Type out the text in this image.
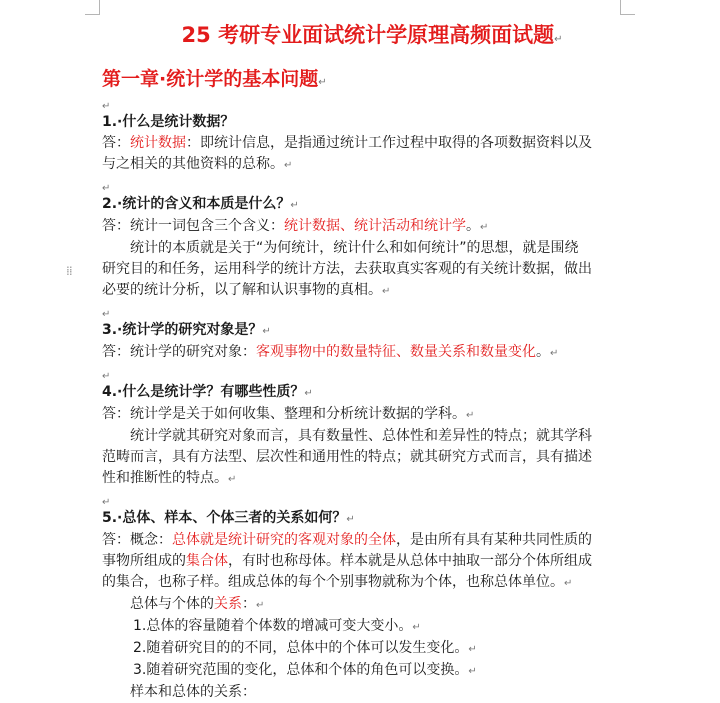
⁞⁞
25 考研专业面试统计学原理高频面试题↵
第一章·统计学的基本问题↵
↵
1.·什么是统计数据？
答：统计数据：即统计信息，是指通过统计工作过程中取得的各项数据资料以及
与之相关的其他资料的总称。↵
↵
2.·统计的含义和本质是什么？↵
答：统计一词包含三个含义：统计数据、统计活动和统计学。↵
统计的本质就是关于“为何统计，统计什么和如何统计”的思想，就是围绕
研究目的和任务，运用科学的统计方法，去获取真实客观的有关统计数据，做出
必要的统计分析，以了解和认识事物的真相。↵
↵
3.·统计学的研究对象是？↵
答：统计学的研究对象：客观事物中的数量特征、数量关系和数量变化。↵
↵
4.·什么是统计学？有哪些性质？↵
答：统计学是关于如何收集、整理和分析统计数据的学科。↵
统计学就其研究对象而言，具有数量性、总体性和差异性的特点；就其学科
范畴而言，具有方法型、层次性和通用性的特点；就其研究方式而言，具有描述
性和推断性的特点。↵
↵
5.·总体、样本、个体三者的关系如何？↵
答：概念：总体就是统计研究的客观对象的全体，是由所有具有某种共同性质的
事物所组成的集合体，有时也称母体。样本就是从总体中抽取一部分个体所组成
的集合，也称子样。组成总体的每个个别事物就称为个体，也称总体单位。↵
总体与个体的关系：↵
1.总体的容量随着个体数的增减可变大变小。↵
2.随着研究目的的不同，总体中的个体可以发生变化。↵
3.随着研究范围的变化，总体和个体的角色可以变换。↵
样本和总体的关系：
